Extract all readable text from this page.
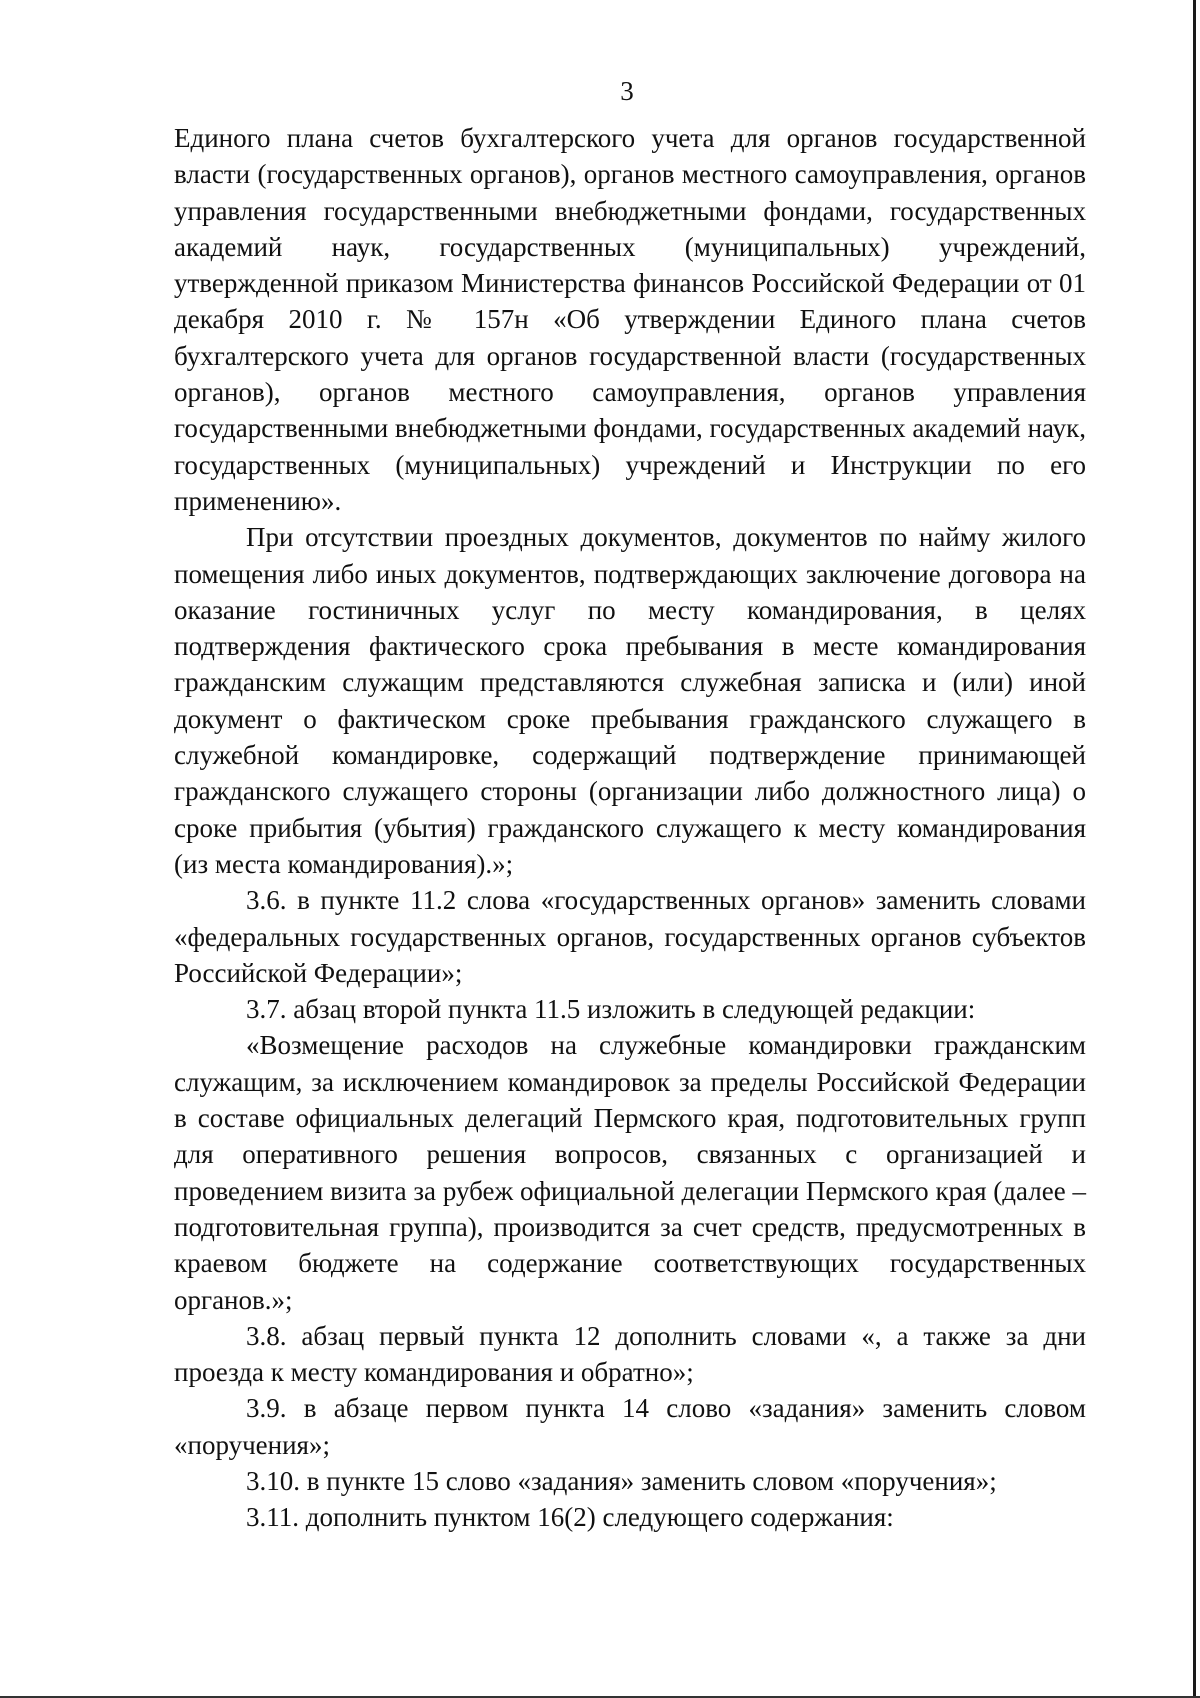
3

Единого плана счетов бухгалтерского учета для органов государственной власти (государственных органов), органов местного самоуправления, органов управления государственными внебюджетными фондами, государственных академий наук, государственных (муниципальных) учреждений, утвержденной приказом Министерства финансов Российской Федерации от 01 декабря 2010 г. № 157н «Об утверждении Единого плана счетов бухгалтерского учета для органов государственной власти (государственных органов), органов местного самоуправления, органов управления государственными внебюджетными фондами, государственных академий наук, государственных (муниципальных) учреждений и Инструкции по его применению».

При отсутствии проездных документов, документов по найму жилого помещения либо иных документов, подтверждающих заключение договора на оказание гостиничных услуг по месту командирования, в целях подтверждения фактического срока пребывания в месте командирования гражданским служащим представляются служебная записка и (или) иной документ о фактическом сроке пребывания гражданского служащего в служебной командировке, содержащий подтверждение принимающей гражданского служащего стороны (организации либо должностного лица) о сроке прибытия (убытия) гражданского служащего к месту командирования (из места командирования).»;

3.6. в пункте 11.2 слова «государственных органов» заменить словами «федеральных государственных органов, государственных органов субъектов Российской Федерации»;

3.7. абзац второй пункта 11.5 изложить в следующей редакции:

«Возмещение расходов на служебные командировки гражданским служащим, за исключением командировок за пределы Российской Федерации в составе официальных делегаций Пермского края, подготовительных групп для оперативного решения вопросов, связанных с организацией и проведением визита за рубеж официальной делегации Пермского края (далее – подготовительная группа), производится за счет средств, предусмотренных в краевом бюджете на содержание соответствующих государственных органов.»;

3.8. абзац первый пункта 12 дополнить словами «, а также за дни проезда к месту командирования и обратно»;

3.9. в абзаце первом пункта 14 слово «задания» заменить словом «поручения»;

3.10. в пункте 15 слово «задания» заменить словом «поручения»;

3.11. дополнить пунктом 16(2) следующего содержания:
